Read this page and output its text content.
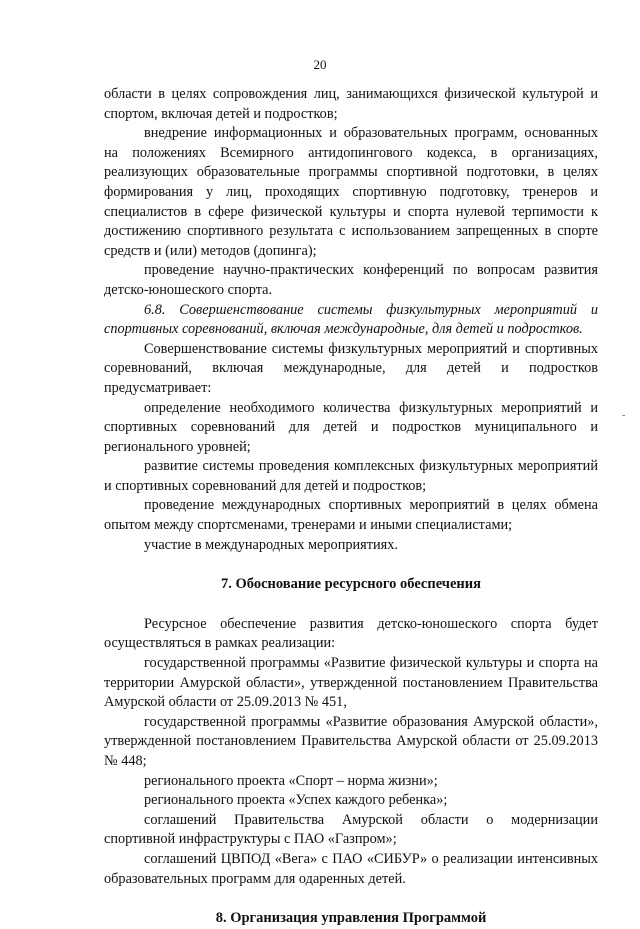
20

области в целях сопровождения лиц, занимающихся физической культурой и спортом, включая детей и подростков;

внедрение информационных и образовательных программ, основанных на положениях Всемирного антидопингового кодекса, в организациях, реализующих образовательные программы спортивной подготовки, в целях формирования у лиц, проходящих спортивную подготовку, тренеров и специалистов в сфере физической культуры и спорта нулевой терпимости к достижению спортивного результата с использованием запрещенных в спорте средств и (или) методов (допинга);

проведение научно-практических конференций по вопросам развития детско-юношеского спорта.

6.8. Совершенствование системы физкультурных мероприятий и спортивных соревнований, включая международные, для детей и подростков.

Совершенствование системы физкультурных мероприятий и спортивных соревнований, включая международные, для детей и подростков предусматривает:

определение необходимого количества физкультурных мероприятий и спортивных соревнований для детей и подростков муниципального и регионального уровней;

развитие системы проведения комплексных физкультурных мероприятий и спортивных соревнований для детей и подростков;

проведение международных спортивных мероприятий в целях обмена опытом между спортсменами, тренерами и иными специалистами;

участие в международных мероприятиях.

7. Обоснование ресурсного обеспечения

Ресурсное обеспечение развития детско-юношеского спорта будет осуществляться в рамках реализации:

государственной программы «Развитие физической культуры и спорта на территории Амурской области», утвержденной постановлением Правительства Амурской области от 25.09.2013 № 451,

государственной программы «Развитие образования Амурской области», утвержденной постановлением Правительства Амурской области от 25.09.2013 № 448;

регионального проекта «Спорт – норма жизни»;

регионального проекта «Успех каждого ребенка»;

соглашений Правительства Амурской области о модернизации спортивной инфраструктуры с ПАО «Газпром»;

соглашений ЦВПОД «Вега» с ПАО «СИБУР» о реализации интенсивных образовательных программ для одаренных детей.

8. Организация управления Программой

-
